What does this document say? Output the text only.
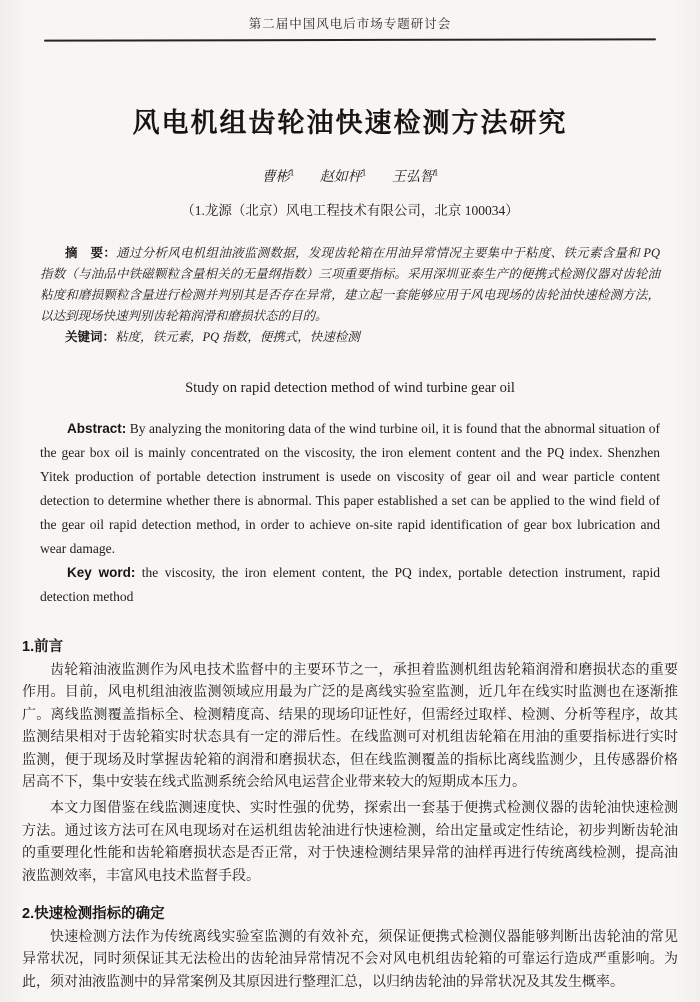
第二届中国风电后市场专题研讨会
风电机组齿轮油快速检测方法研究
曹彬$^1$ 赵如枰$^1$ 王弘智$^1$
（1.龙源（北京）风电工程技术有限公司，北京 100034）

摘　要：通过分析风电机组油液监测数据，发现齿轮箱在用油异常情况主要集中于粘度、铁元素含量和 PQ 指数（与油品中铁磁颗粒含量相关的无量纲指数）三项重要指标。采用深圳亚泰生产的便携式检测仪器对齿轮油粘度和磨损颗粒含量进行检测并判别其是否存在异常，建立起一套能够应用于风电现场的齿轮油快速检测方法，以达到现场快速判别齿轮箱润滑和磨损状态的目的。

关键词：粘度，铁元素，PQ 指数，便携式，快速检测

Study on rapid detection method of wind turbine gear oil

Abstract: By analyzing the monitoring data of the wind turbine oil, it is found that the abnormal situation of the gear box oil is mainly concentrated on the viscosity, the iron element content and the PQ index. Shenzhen Yitek production of portable detection instrument is usede on viscosity of gear oil and wear particle content detection to determine whether there is abnormal. This paper established a set can be applied to the wind field of the gear oil rapid detection method, in order to achieve on-site rapid identification of gear box lubrication and wear damage.

Key word: the viscosity, the iron element content, the PQ index, portable detection instrument, rapid detection method

1.前言

齿轮箱油液监测作为风电技术监督中的主要环节之一，承担着监测机组齿轮箱润滑和磨损状态的重要作用。目前，风电机组油液监测领域应用最为广泛的是离线实验室监测，近几年在线实时监测也在逐渐推广。离线监测覆盖指标全、检测精度高、结果的现场印证性好，但需经过取样、检测、分析等程序，故其监测结果相对于齿轮箱实时状态具有一定的滞后性。在线监测可对机组齿轮箱在用油的重要指标进行实时监测，便于现场及时掌握齿轮箱的润滑和磨损状态，但在线监测覆盖的指标比离线监测少，且传感器价格居高不下，集中安装在线式监测系统会给风电运营企业带来较大的短期成本压力。

本文力图借鉴在线监测速度快、实时性强的优势，探索出一套基于便携式检测仪器的齿轮油快速检测方法。通过该方法可在风电现场对在运机组齿轮油进行快速检测，给出定量或定性结论，初步判断齿轮油的重要理化性能和齿轮箱磨损状态是否正常，对于快速检测结果异常的油样再进行传统离线检测，提高油液监测效率，丰富风电技术监督手段。

2.快速检测指标的确定

快速检测方法作为传统离线实验室监测的有效补充，须保证便携式检测仪器能够判断出齿轮油的常见异常状况，同时须保证其无法检出的齿轮油异常情况不会对风电机组齿轮箱的可靠运行造成严重影响。为此，须对油液监测中的异常案例及其原因进行整理汇总，以归纳齿轮油的异常状况及其发生概率。
